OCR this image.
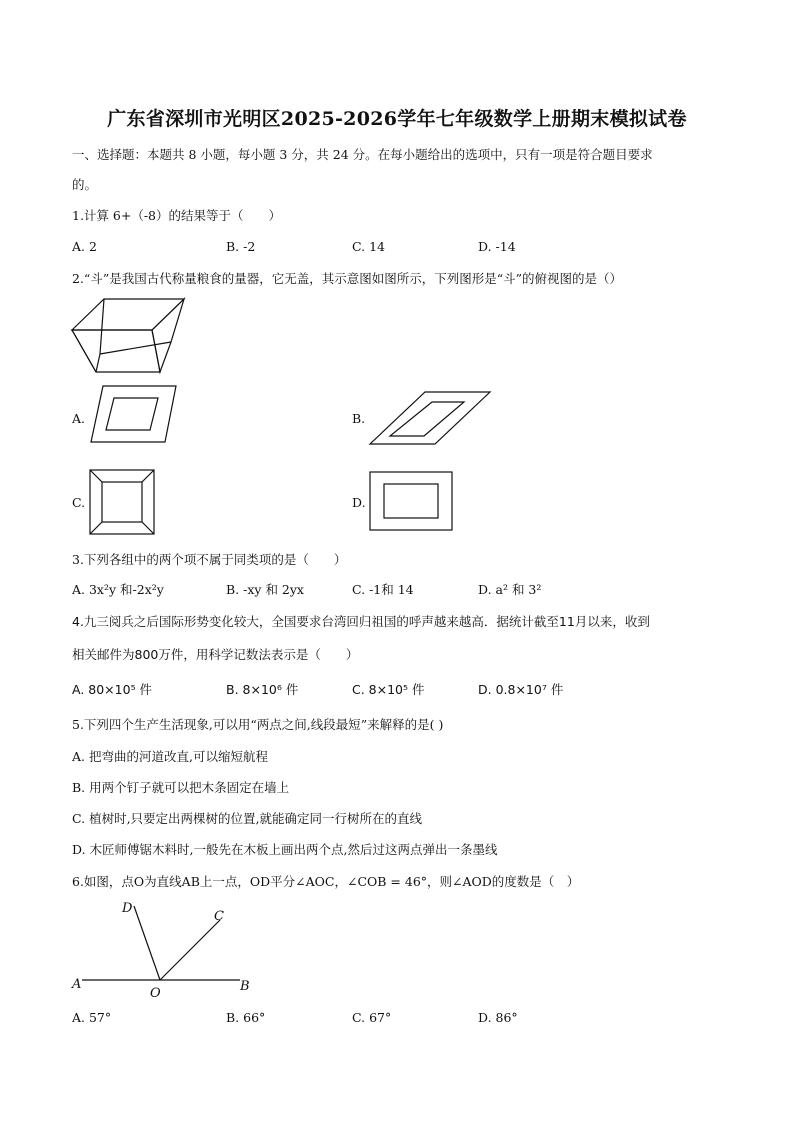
广东省深圳市光明区2025-2026学年七年级数学上册期末模拟试卷
一、选择题：本题共 8 小题，每小题 3 分，共 24 分。在每小题给出的选项中，只有一项是符合题目要求
的。
1.计算 6+（-8）的结果等于（　　）
A. 2	B. -2	C. 14	D. -14
2.“斗”是我国古代称量粮食的量器，它无盖，其示意图如图所示，下列图形是“斗”的俯视图的是（）
A.	B.
C.	D.
3.下列各组中的两个项不属于同类项的是（　　）
A. 3x²y 和-2x²y	B. -xy 和 2yx	C. -1和 14	D. a² 和 3²
4.九三阅兵之后国际形势变化较大，全国要求台湾回归祖国的呼声越来越高．据统计截至11月以来，收到
相关邮件为800万件，用科学记数法表示是（　　）
A. 80×10⁵ 件	B. 8×10⁶ 件	C. 8×10⁵ 件	D. 0.8×10⁷ 件
5.下列四个生产生活现象,可以用“两点之间,线段最短”来解释的是( )
A. 把弯曲的河道改直,可以缩短航程
B. 用两个钉子就可以把木条固定在墙上
C. 植树时,只要定出两棵树的位置,就能确定同一行树所在的直线
D. 木匠师傅锯木料时,一般先在木板上画出两个点,然后过这两点弹出一条墨线
6.如图，点O为直线AB上一点，OD平分∠AOC，∠COB = 46°，则∠AOD的度数是（　）
D
C
A
O	B
A. 57°	B. 66°	C. 67°	D. 86°
